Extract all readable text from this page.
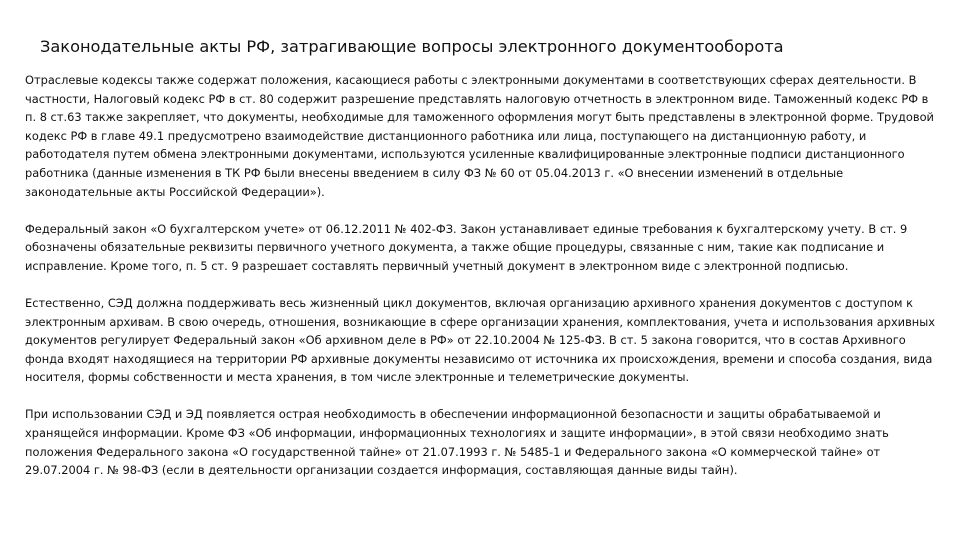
Законодательные акты РФ, затрагивающие вопросы электронного документооборота

Отраслевые кодексы также содержат положения, касающиеся работы с электронными документами в соответствующих сферах деятельности. В частности, Налоговый кодекс РФ в ст. 80 содержит разрешение представлять налоговую отчетность в электронном виде. Таможенный кодекс РФ в п. 8 ст.63 также закрепляет, что документы, необходимые для таможенного оформления могут быть представлены в электронной форме. Трудовой кодекс РФ в главе 49.1 предусмотрено взаимодействие дистанционного работника или лица, поступающего на дистанционную работу, и работодателя путем обмена электронными документами, используются усиленные квалифицированные электронные подписи дистанционного работника (данные изменения в ТК РФ были внесены введением в силу ФЗ № 60 от 05.04.2013 г. «О внесении изменений в отдельные законодательные акты Российской Федерации»).

Федеральный закон «О бухгалтерском учете» от 06.12.2011 № 402-ФЗ. Закон устанавливает единые требования к бухгалтерскому учету. В ст. 9 обозначены обязательные реквизиты первичного учетного документа, а также общие процедуры, связанные с ним, такие как подписание и исправление. Кроме того, п. 5 ст. 9 разрешает составлять первичный учетный документ в электронном виде с электронной подписью.

Естественно, СЭД должна поддерживать весь жизненный цикл документов, включая организацию архивного хранения документов с доступом к электронным архивам. В свою очередь, отношения, возникающие в сфере организации хранения, комплектования, учета и использования архивных документов регулирует Федеральный закон «Об архивном деле в РФ» от 22.10.2004 № 125-ФЗ. В ст. 5 закона говорится, что в состав Архивного фонда входят находящиеся на территории РФ архивные документы независимо от источника их происхождения, времени и способа создания, вида носителя, формы собственности и места хранения, в том числе электронные и телеметрические документы.

При использовании СЭД и ЭД появляется острая необходимость в обеспечении информационной безопасности и защиты обрабатываемой и хранящейся информации. Кроме ФЗ «Об информации, информационных технологиях и защите информации», в этой связи необходимо знать положения Федерального закона «О государственной тайне» от 21.07.1993 г. № 5485-1 и Федерального закона «О коммерческой тайне» от 29.07.2004 г. № 98-ФЗ (если в деятельности организации создается информация, составляющая данные виды тайн).
